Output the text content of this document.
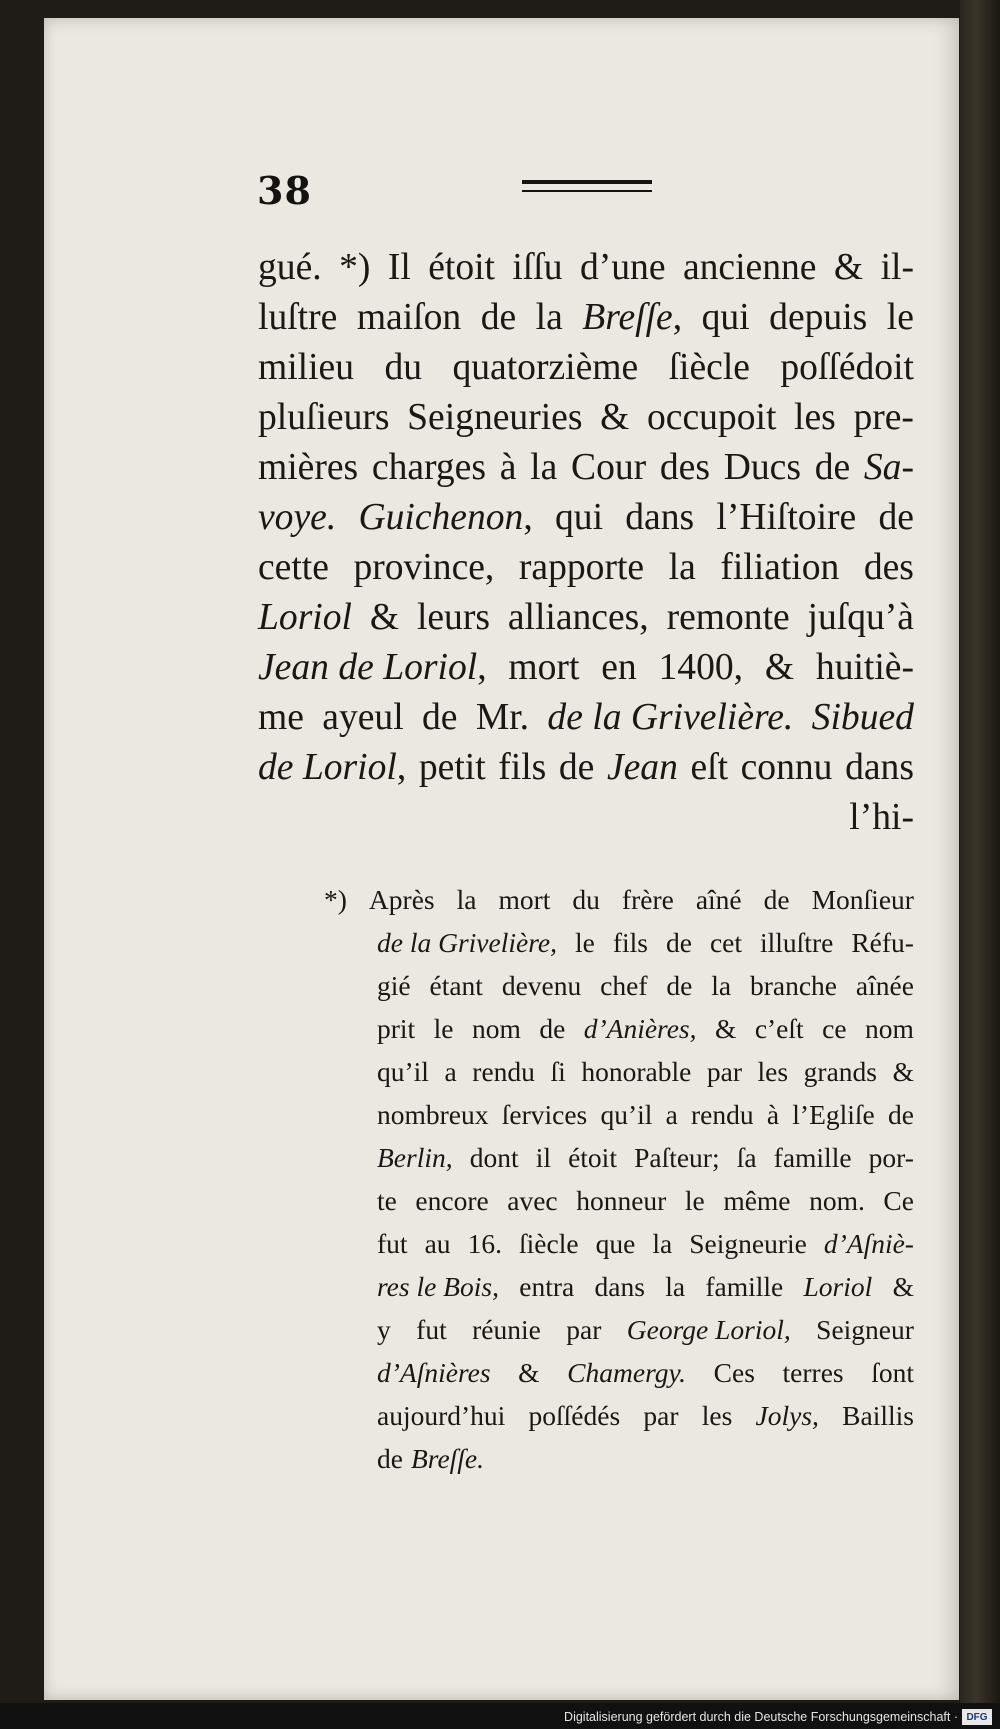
38
gué. *) Il étoit iſſu d’une ancienne & il-
luſtre maiſon de la Breſſe, qui depuis le
milieu du quatorzième ſiècle poſſédoit
pluſieurs Seigneuries & occupoit les pre-
mières charges à la Cour des Ducs de Sa-
voye. Guichenon, qui dans l’Hiſtoire de
cette province, rapporte la filiation des
Loriol & leurs alliances, remonte juſqu’à
Jean de Loriol, mort en 1400, & huitiè-
me ayeul de Mr. de la Grivelière. Sibued
de Loriol, petit fils de Jean eſt connu dans
l’hi-
*) Après la mort du frère aîné de Monſieur
de la Grivelière, le fils de cet illuſtre Réfu-
gié étant devenu chef de la branche aînée
prit le nom de d’Anières, & c’eſt ce nom
qu’il a rendu ſi honorable par les grands &
nombreux ſervices qu’il a rendu à l’Egliſe de
Berlin, dont il étoit Paſteur; ſa famille por-
te encore avec honneur le même nom. Ce
fut au 16. ſiècle que la Seigneurie d’Aſniè-
res le Bois, entra dans la famille Loriol &
y fut réunie par George Loriol, Seigneur
d’Aſnières & Chamergy. Ces terres ſont
aujourd’hui poſſédés par les Jolys, Baillis
de Breſſe.
Digitalisierung gefördert durch die Deutsche Forschungsgemeinschaft · DFG
